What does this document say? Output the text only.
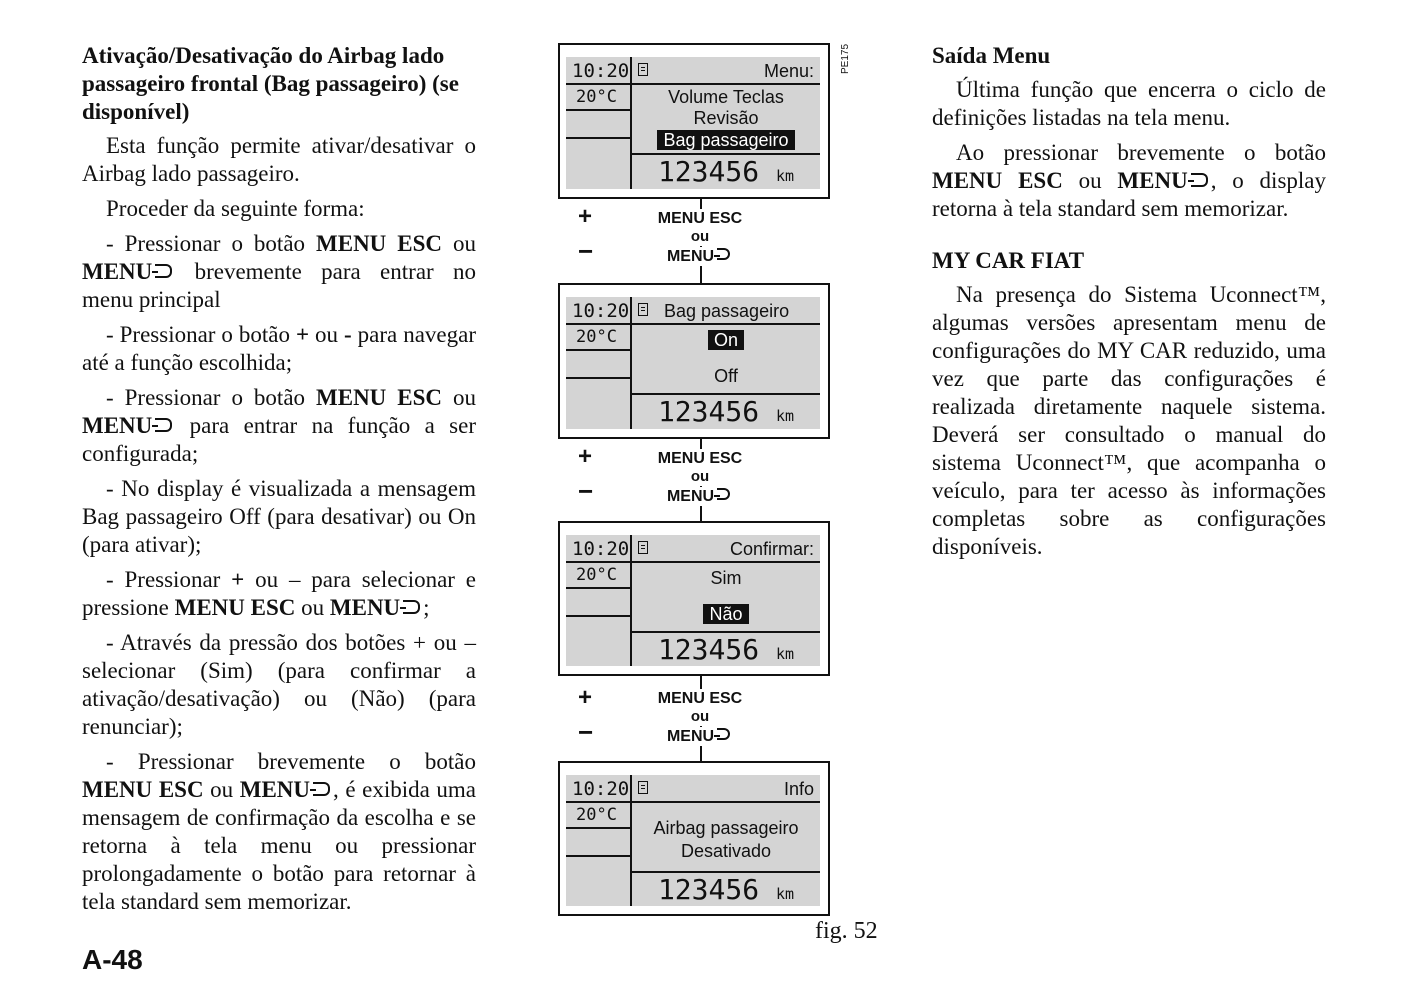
Ativação/Desativação do Airbag lado passageiro frontal (Bag passageiro) (se disponível)

Esta função permite ativar/desativar o Airbag lado passageiro.

Proceder da seguinte forma:

- Pressionar o botão MENU ESC ou MENU brevemente para entrar no menu principal

- Pressionar o botão + ou - para navegar até a função escolhida;

- Pressionar o botão MENU ESC ou MENU para entrar na função a ser configurada;

- No display é visualizada a mensagem Bag passageiro Off (para desativar) ou On (para ativar);

- Pressionar + ou – para selecionar e pressione MENU ESC ou MENU ;

- Através da pressão dos botões + ou – selecionar (Sim) (para confirmar a ativação/desativação) ou (Não) (para renunciar);

- Pressionar brevemente o botão MENU ESC ou MENU , é exibida uma mensagem de confirmação da escolha e se retorna à tela menu ou pressionar prolongadamente o botão para retornar à tela standard sem memorizar.

Saída Menu

Última função que encerra o ciclo de definições listadas na tela menu.

Ao pressionar brevemente o botão MENU ESC ou MENU , o display retorna à tela standard sem memorizar.

MY CAR FIAT

Na presença do Sistema Uconnect™, algumas versões apresentam menu de configurações do MY CAR reduzido, uma vez que parte das configurações é realizada diretamente naquele sistema. Deverá ser consultado o manual do sistema Uconnect™, que acompanha o veículo, para ter acesso às informações completas sobre as configurações disponíveis.

PE175
10:20
20°C
Menu:
Volume Teclas
Revisão
Bag passageiro
123456 km
+
−
MENU ESC
ou
MENU
10:20
20°C
Bag passageiro
On
Off
123456 km
+
−
MENU ESC
ou
MENU
10:20
20°C
Confirmar:
Sim
Não
123456 km
+
−
MENU ESC
ou
MENU
10:20
20°C
Info
Airbag passageiro
Desativado
123456 km
fig. 52
A-48
